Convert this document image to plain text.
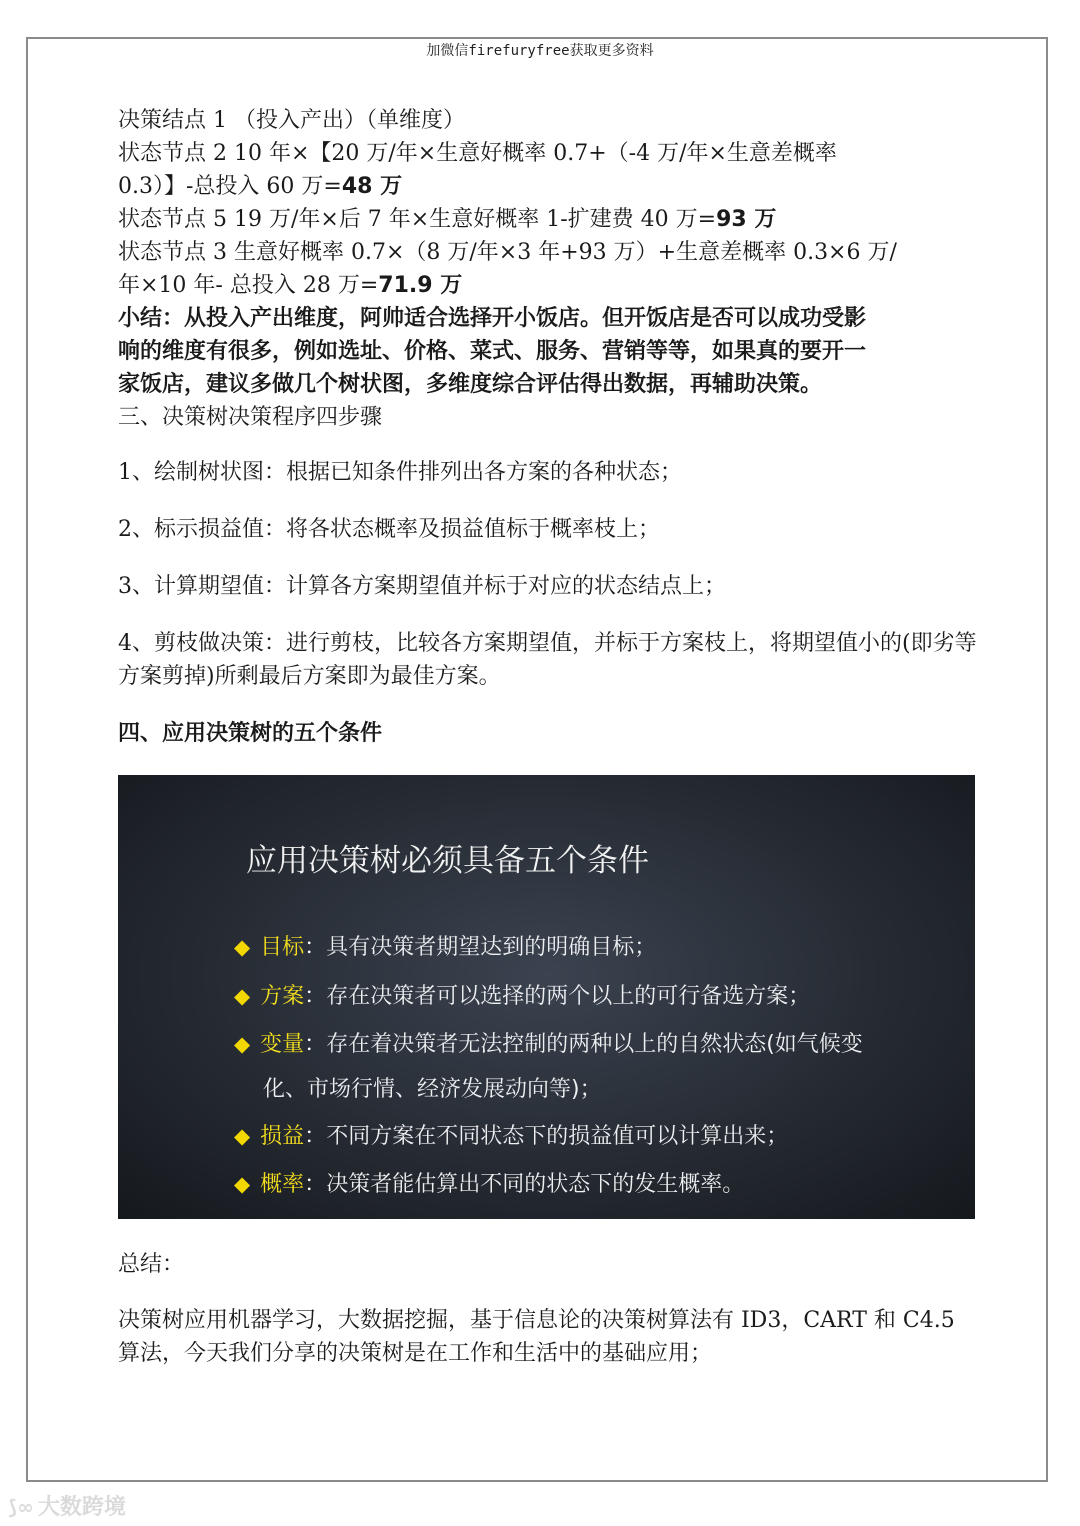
加微信firefuryfree获取更多资料
决策结点 1 （投入产出）（单维度）
状态节点 2 10 年×【20 万/年×生意好概率 0.7+（-4 万/年×生意差概率
0.3）】-总投入 60 万=48 万
状态节点 5 19 万/年×后 7 年×生意好概率 1-扩建费 40 万=93 万
状态节点 3 生意好概率 0.7×（8 万/年×3 年+93 万）+生意差概率 0.3×6 万/
年×10 年- 总投入 28 万=71.9 万
小结：从投入产出维度，阿帅适合选择开小饭店。但开饭店是否可以成功受影
响的维度有很多，例如选址、价格、菜式、服务、营销等等，如果真的要开一
家饭店，建议多做几个树状图，多维度综合评估得出数据，再辅助决策。
三、决策树决策程序四步骤
1、绘制树状图：根据已知条件排列出各方案的各种状态；
2、标示损益值：将各状态概率及损益值标于概率枝上；
3、计算期望值：计算各方案期望值并标于对应的状态结点上；
4、剪枝做决策：进行剪枝，比较各方案期望值，并标于方案枝上，将期望值小的(即劣等方案剪掉)所剩最后方案即为最佳方案。
四、应用决策树的五个条件
应用决策树必须具备五个条件
◆ 目标：具有决策者期望达到的明确目标；
◆ 方案：存在决策者可以选择的两个以上的可行备选方案；
◆ 变量：存在着决策者无法控制的两种以上的自然状态(如气候变
化、市场行情、经济发展动向等)；
◆ 损益：不同方案在不同状态下的损益值可以计算出来；
◆ 概率：决策者能估算出不同的状态下的发生概率。
总结：
决策树应用机器学习，大数据挖掘，基于信息论的决策树算法有 ID3，CART 和 C4.5 算法，今天我们分享的决策树是在工作和生活中的基础应用；
⟆∞ 大数跨境
